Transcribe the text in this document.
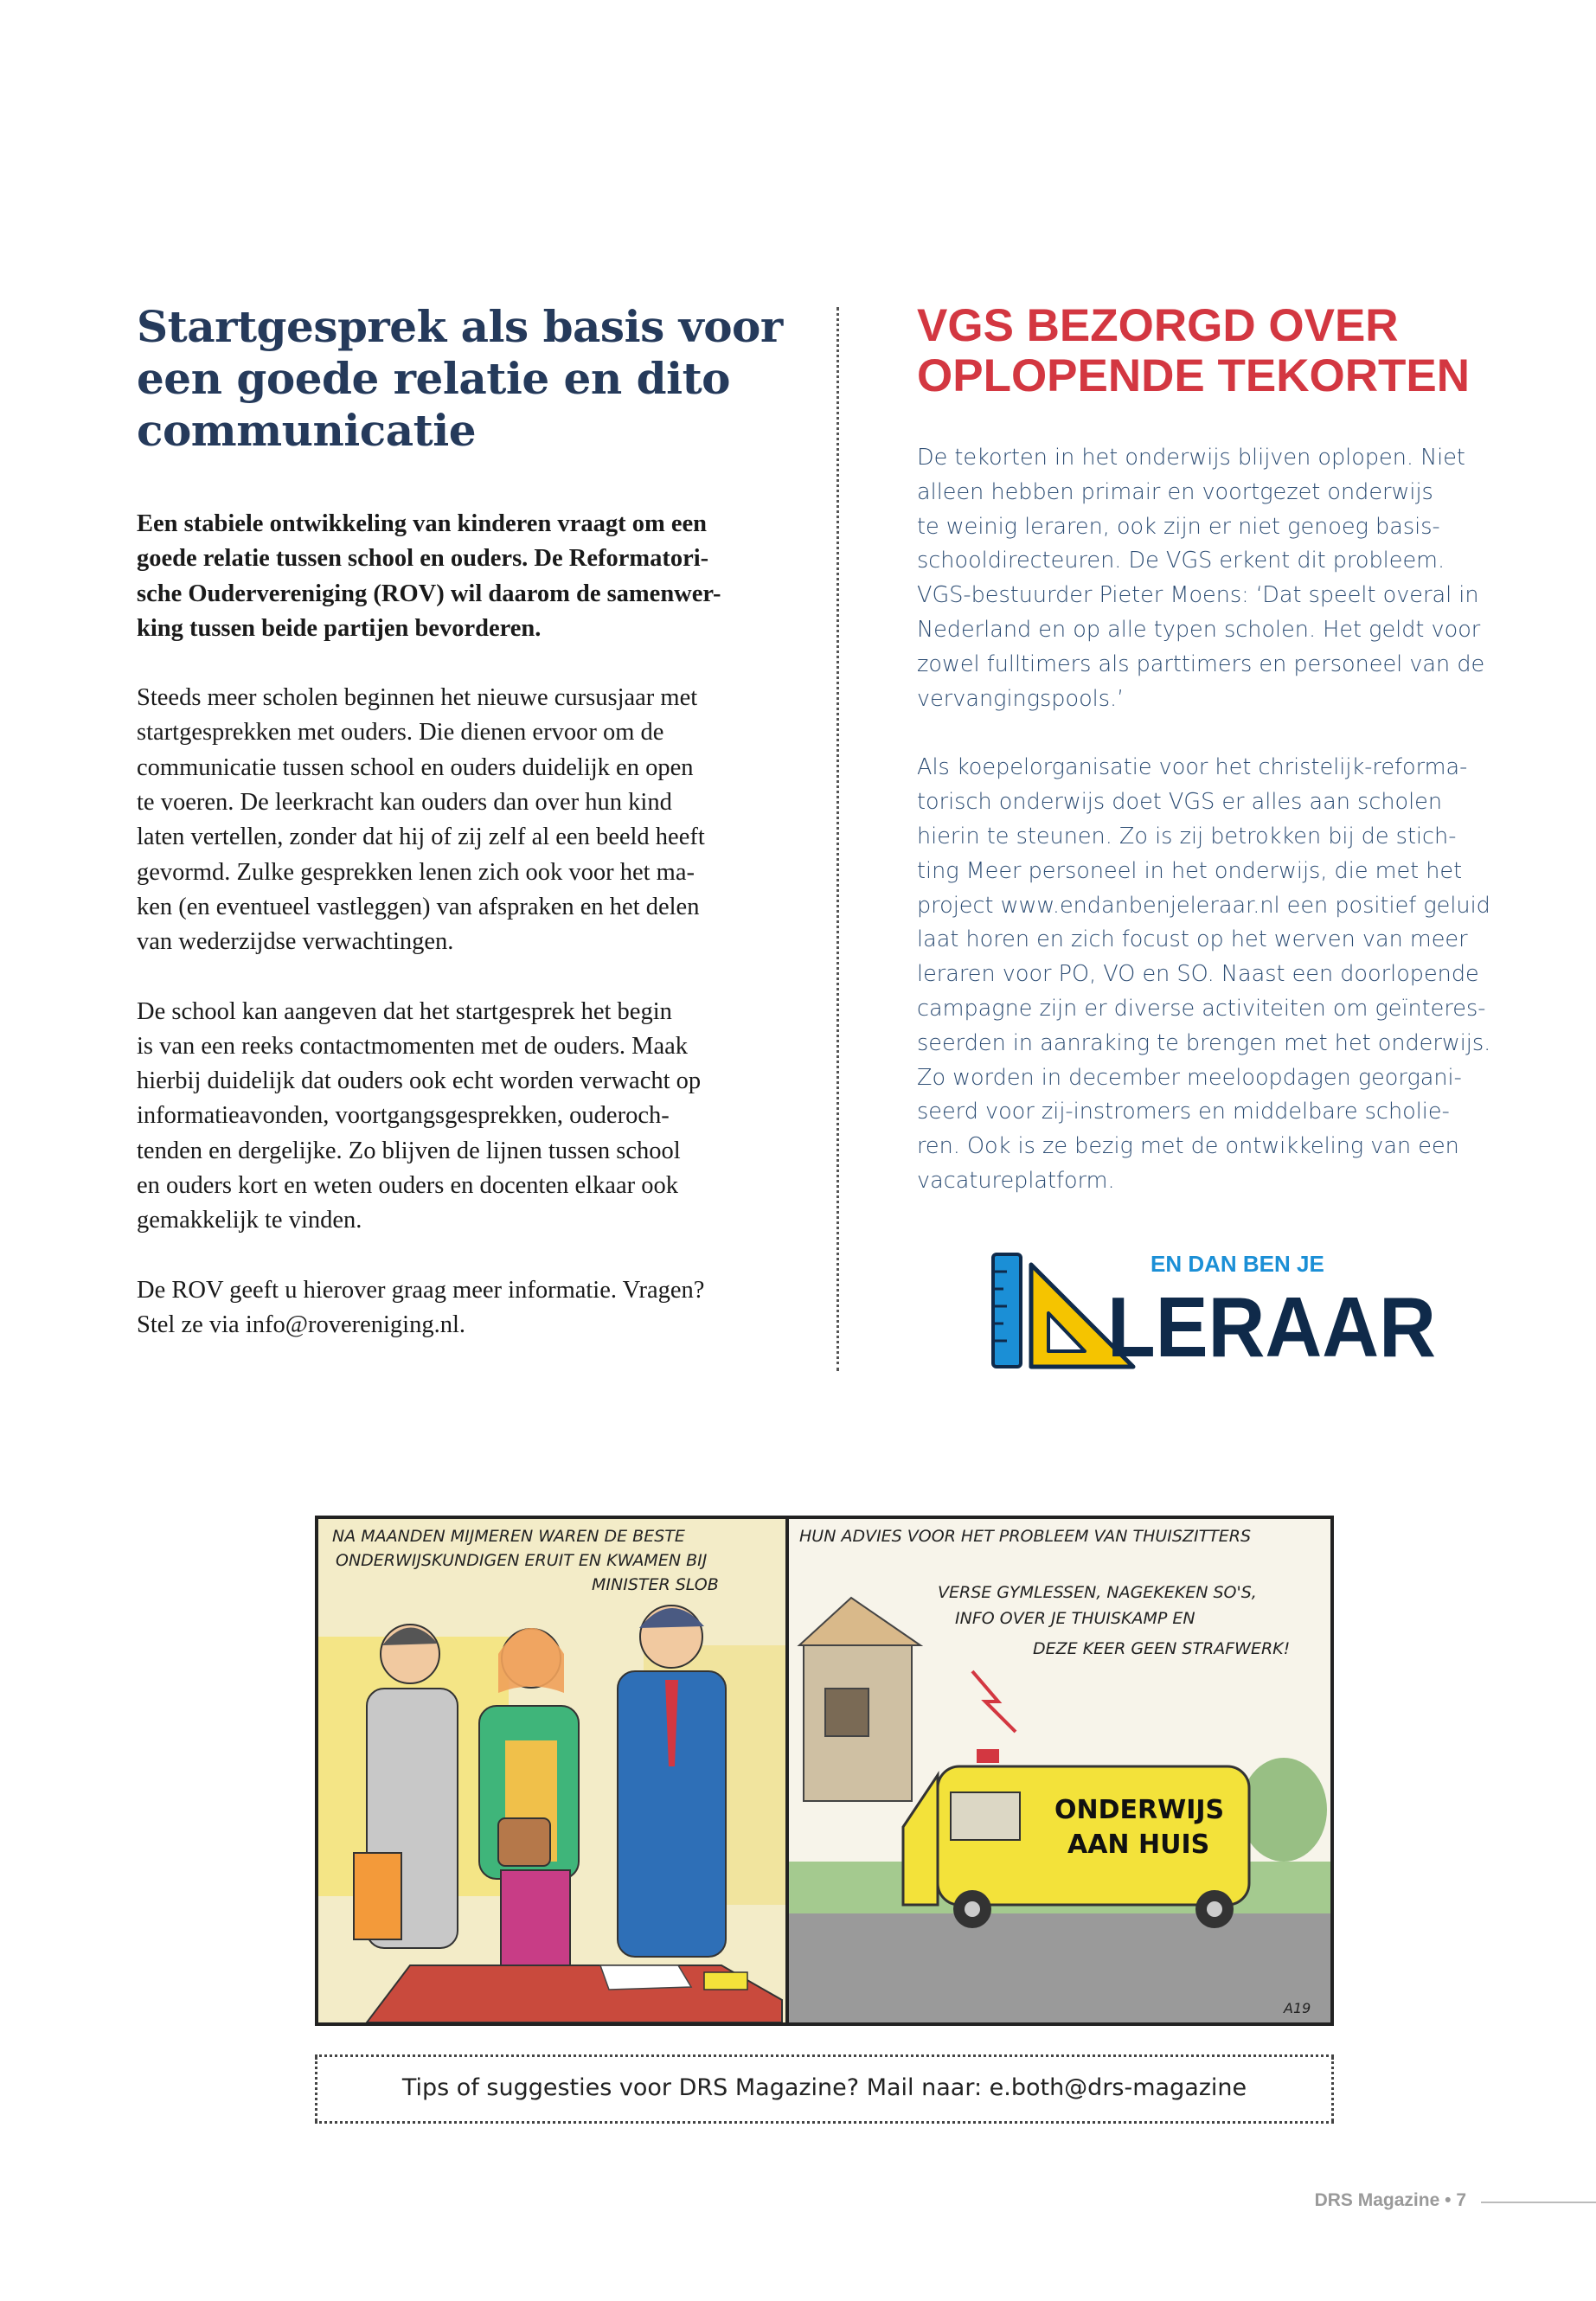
Startgesprek als basis voor
een goede relatie en dito
communicatie

Een stabiele ontwikkeling van kinderen vraagt om een
goede relatie tussen school en ouders. De Reformatori-
sche Oudervereniging (ROV) wil daarom de samenwer-
king tussen beide partijen bevorderen.

Steeds meer scholen beginnen het nieuwe cursusjaar met
startgesprekken met ouders. Die dienen ervoor om de
communicatie tussen school en ouders duidelijk en open
te voeren. De leerkracht kan ouders dan over hun kind
laten vertellen, zonder dat hij of zij zelf al een beeld heeft
gevormd. Zulke gesprekken lenen zich ook voor het ma-
ken (en eventueel vastleggen) van afspraken en het delen
van wederzijdse verwachtingen.

De school kan aangeven dat het startgesprek het begin
is van een reeks contactmomenten met de ouders. Maak
hierbij duidelijk dat ouders ook echt worden verwacht op
informatieavonden, voortgangsgesprekken, ouderoch-
tenden en dergelijke. Zo blijven de lijnen tussen school
en ouders kort en weten ouders en docenten elkaar ook
gemakkelijk te vinden.

De ROV geeft u hierover graag meer informatie. Vragen?
Stel ze via info@rovereniging.nl.

VGS BEZORGD OVER
OPLOPENDE TEKORTEN

De tekorten in het onderwijs blijven oplopen. Niet
alleen hebben primair en voortgezet onderwijs
te weinig leraren, ook zijn er niet genoeg basis-
schooldirecteuren. De VGS erkent dit probleem.
VGS-bestuurder Pieter Moens: ‘Dat speelt overal in
Nederland en op alle typen scholen. Het geldt voor
zowel fulltimers als parttimers en personeel van de
vervangingspools.’

Als koepelorganisatie voor het christelijk-reforma-
torisch onderwijs doet VGS er alles aan scholen
hierin te steunen. Zo is zij betrokken bij de stich-
ting Meer personeel in het onderwijs, die met het
project www.endanbenjeleraar.nl een positief geluid
laat horen en zich focust op het werven van meer
leraren voor PO, VO en SO. Naast een doorlopende
campagne zijn er diverse activiteiten om geïnteres-
seerden in aanraking te brengen met het onderwijs.
Zo worden in december meeloopdagen georgani-
seerd voor zij-instromers en middelbare scholie-
ren. Ook is ze bezig met de ontwikkeling van een
vacatureplatform.

EN DAN BEN JE
LERAAR
NA MAANDEN MIJMEREN WAREN DE BESTE
ONDERWIJSKUNDIGEN ERUIT EN KWAMEN BIJ
MINISTER SLOB
HUN ADVIES VOOR HET PROBLEEM VAN THUISZITTERS
VERSE GYMLESSEN, NAGEKEKEN SO'S,
INFO OVER JE THUISKAMP EN
DEZE KEER GEEN STRAFWERK!
A19
ONDERWIJS
AAN HUIS
Tips of suggesties voor DRS Magazine? Mail naar: e.both@drs-magazine
DRS Magazine • 7
